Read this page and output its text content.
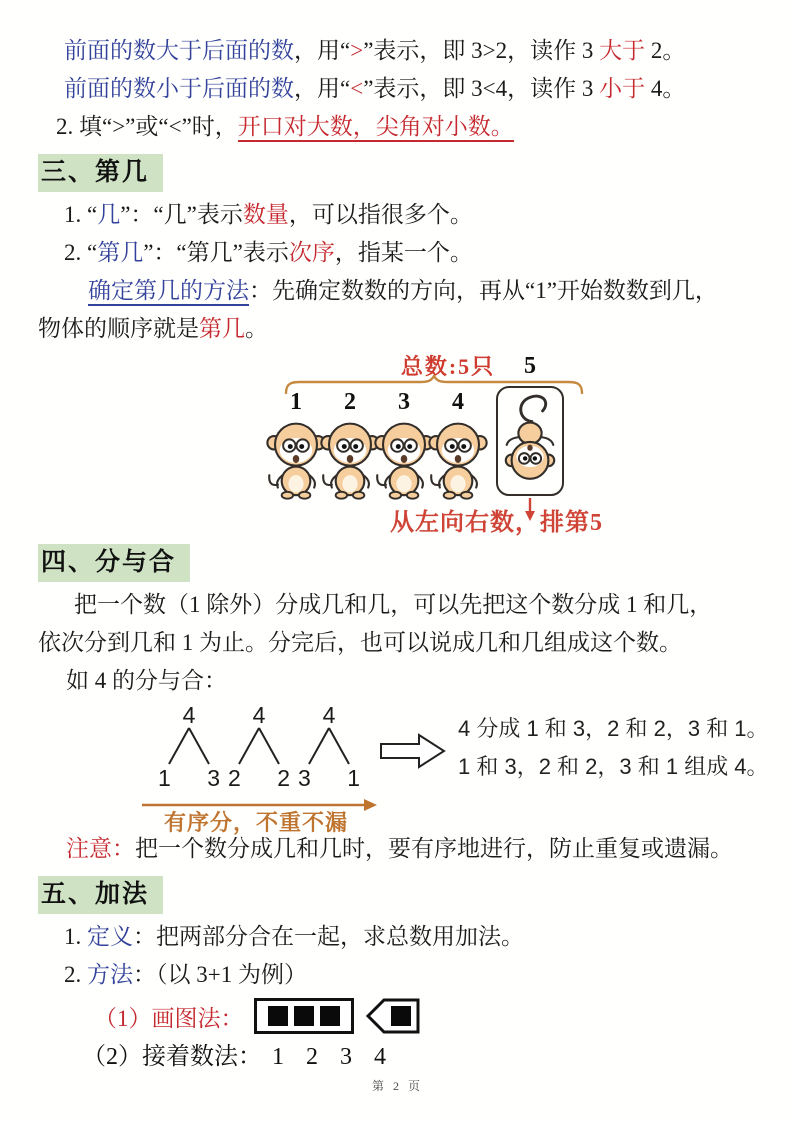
前面的数大于后面的数，用“>”表示，即 3>2，读作 3 大于 2。
前面的数小于后面的数，用“<”表示，即 3<4，读作 3 小于 4。
2. 填“>”或“<”时，开口对大数，尖角对小数。
三、第几
1. “几”：“几”表示数量，可以指很多个。
2. “第几”：“第几”表示次序，指某一个。
确定第几的方法：先确定数数的方向，再从“1”开始数数到几，
物体的顺序就是第几。
总数:5只
1	2	3	4
5
从左向右数，排第5
四、分与合
把一个数（1 除外）分成几和几，可以先把这个数分成 1 和几，
依次分到几和 1 为止。分完后，也可以说成几和几组成这个数。
如 4 的分与合：
4
1 3
4
2 2
4
3 1
有序分，不重不漏
4 分成 1 和 3，2 和 2，3 和 1。
1 和 3，2 和 2，3 和 1 组成 4。
注意：把一个数分成几和几时，要有序地进行，防止重复或遗漏。
五、加法
1. 定义：把两部分合在一起，求总数用加法。
2. 方法：（以 3+1 为例）
（1）画图法：
（2）接着数法： 1 2 3 4
第 2 页
